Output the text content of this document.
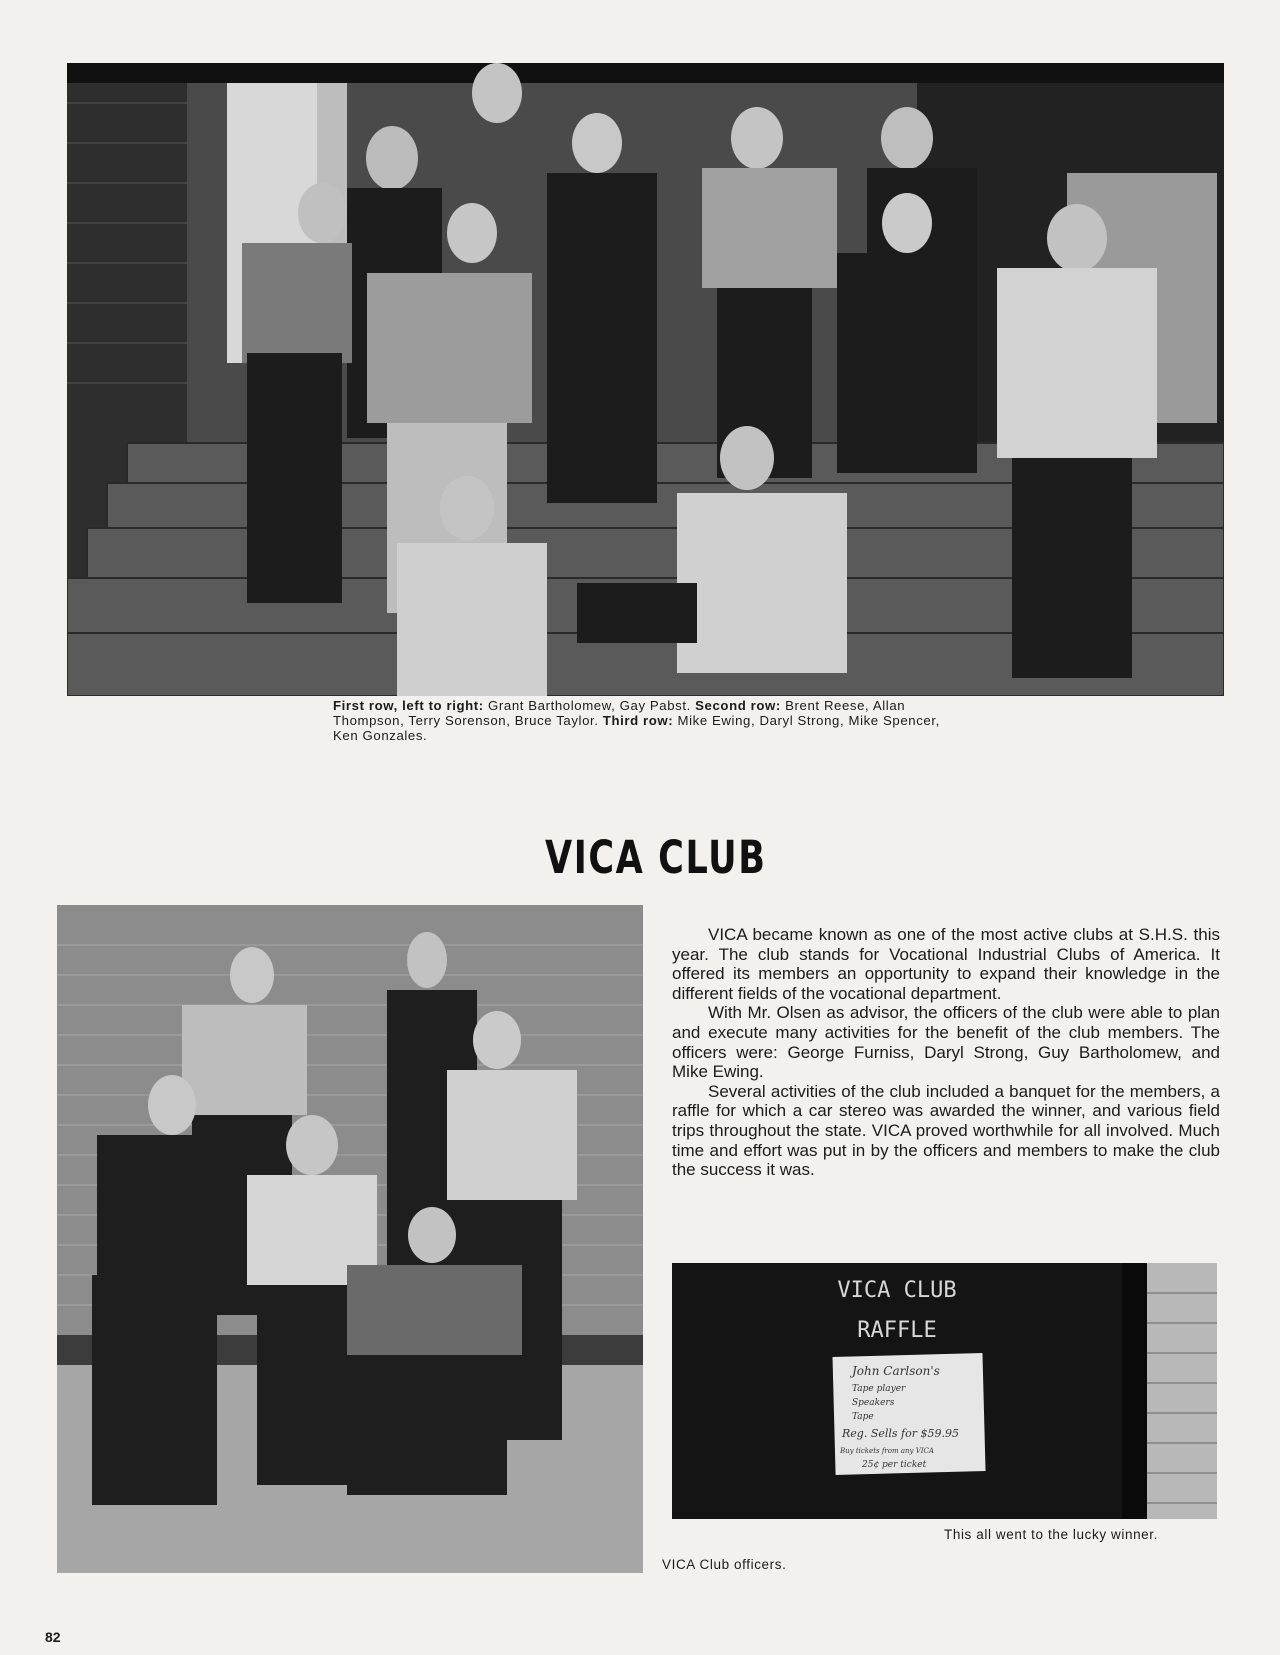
First row, left to right: Grant Bartholomew, Gay Pabst. Second row: Brent Reese, Allan Thompson, Terry Sorenson, Bruce Taylor. Third row: Mike Ewing, Daryl Strong, Mike Spencer, Ken Gonzales.
VICA CLUB

VICA became known as one of the most active clubs at S.H.S. this year. The club stands for Vocational Industrial Clubs of America. It offered its members an opportunity to expand their knowledge in the different fields of the vocational department.

With Mr. Olsen as advisor, the officers of the club were able to plan and execute many activities for the benefit of the club members. The officers were: George Furniss, Daryl Strong, Guy Bartholomew, and Mike Ewing.

Several activities of the club included a banquet for the members, a raffle for which a car stereo was awarded the winner, and various field trips throughout the state. VICA proved worthwhile for all involved. Much time and effort was put in by the officers and members to make the club the success it was.

VICA CLUB
RAFFLE
John Carlson's
Tape player
Speakers
Tape
Reg. Sells for $59.95
Buy tickets from any VICA
25¢ per ticket
This all went to the lucky winner.
VICA Club officers.
82
